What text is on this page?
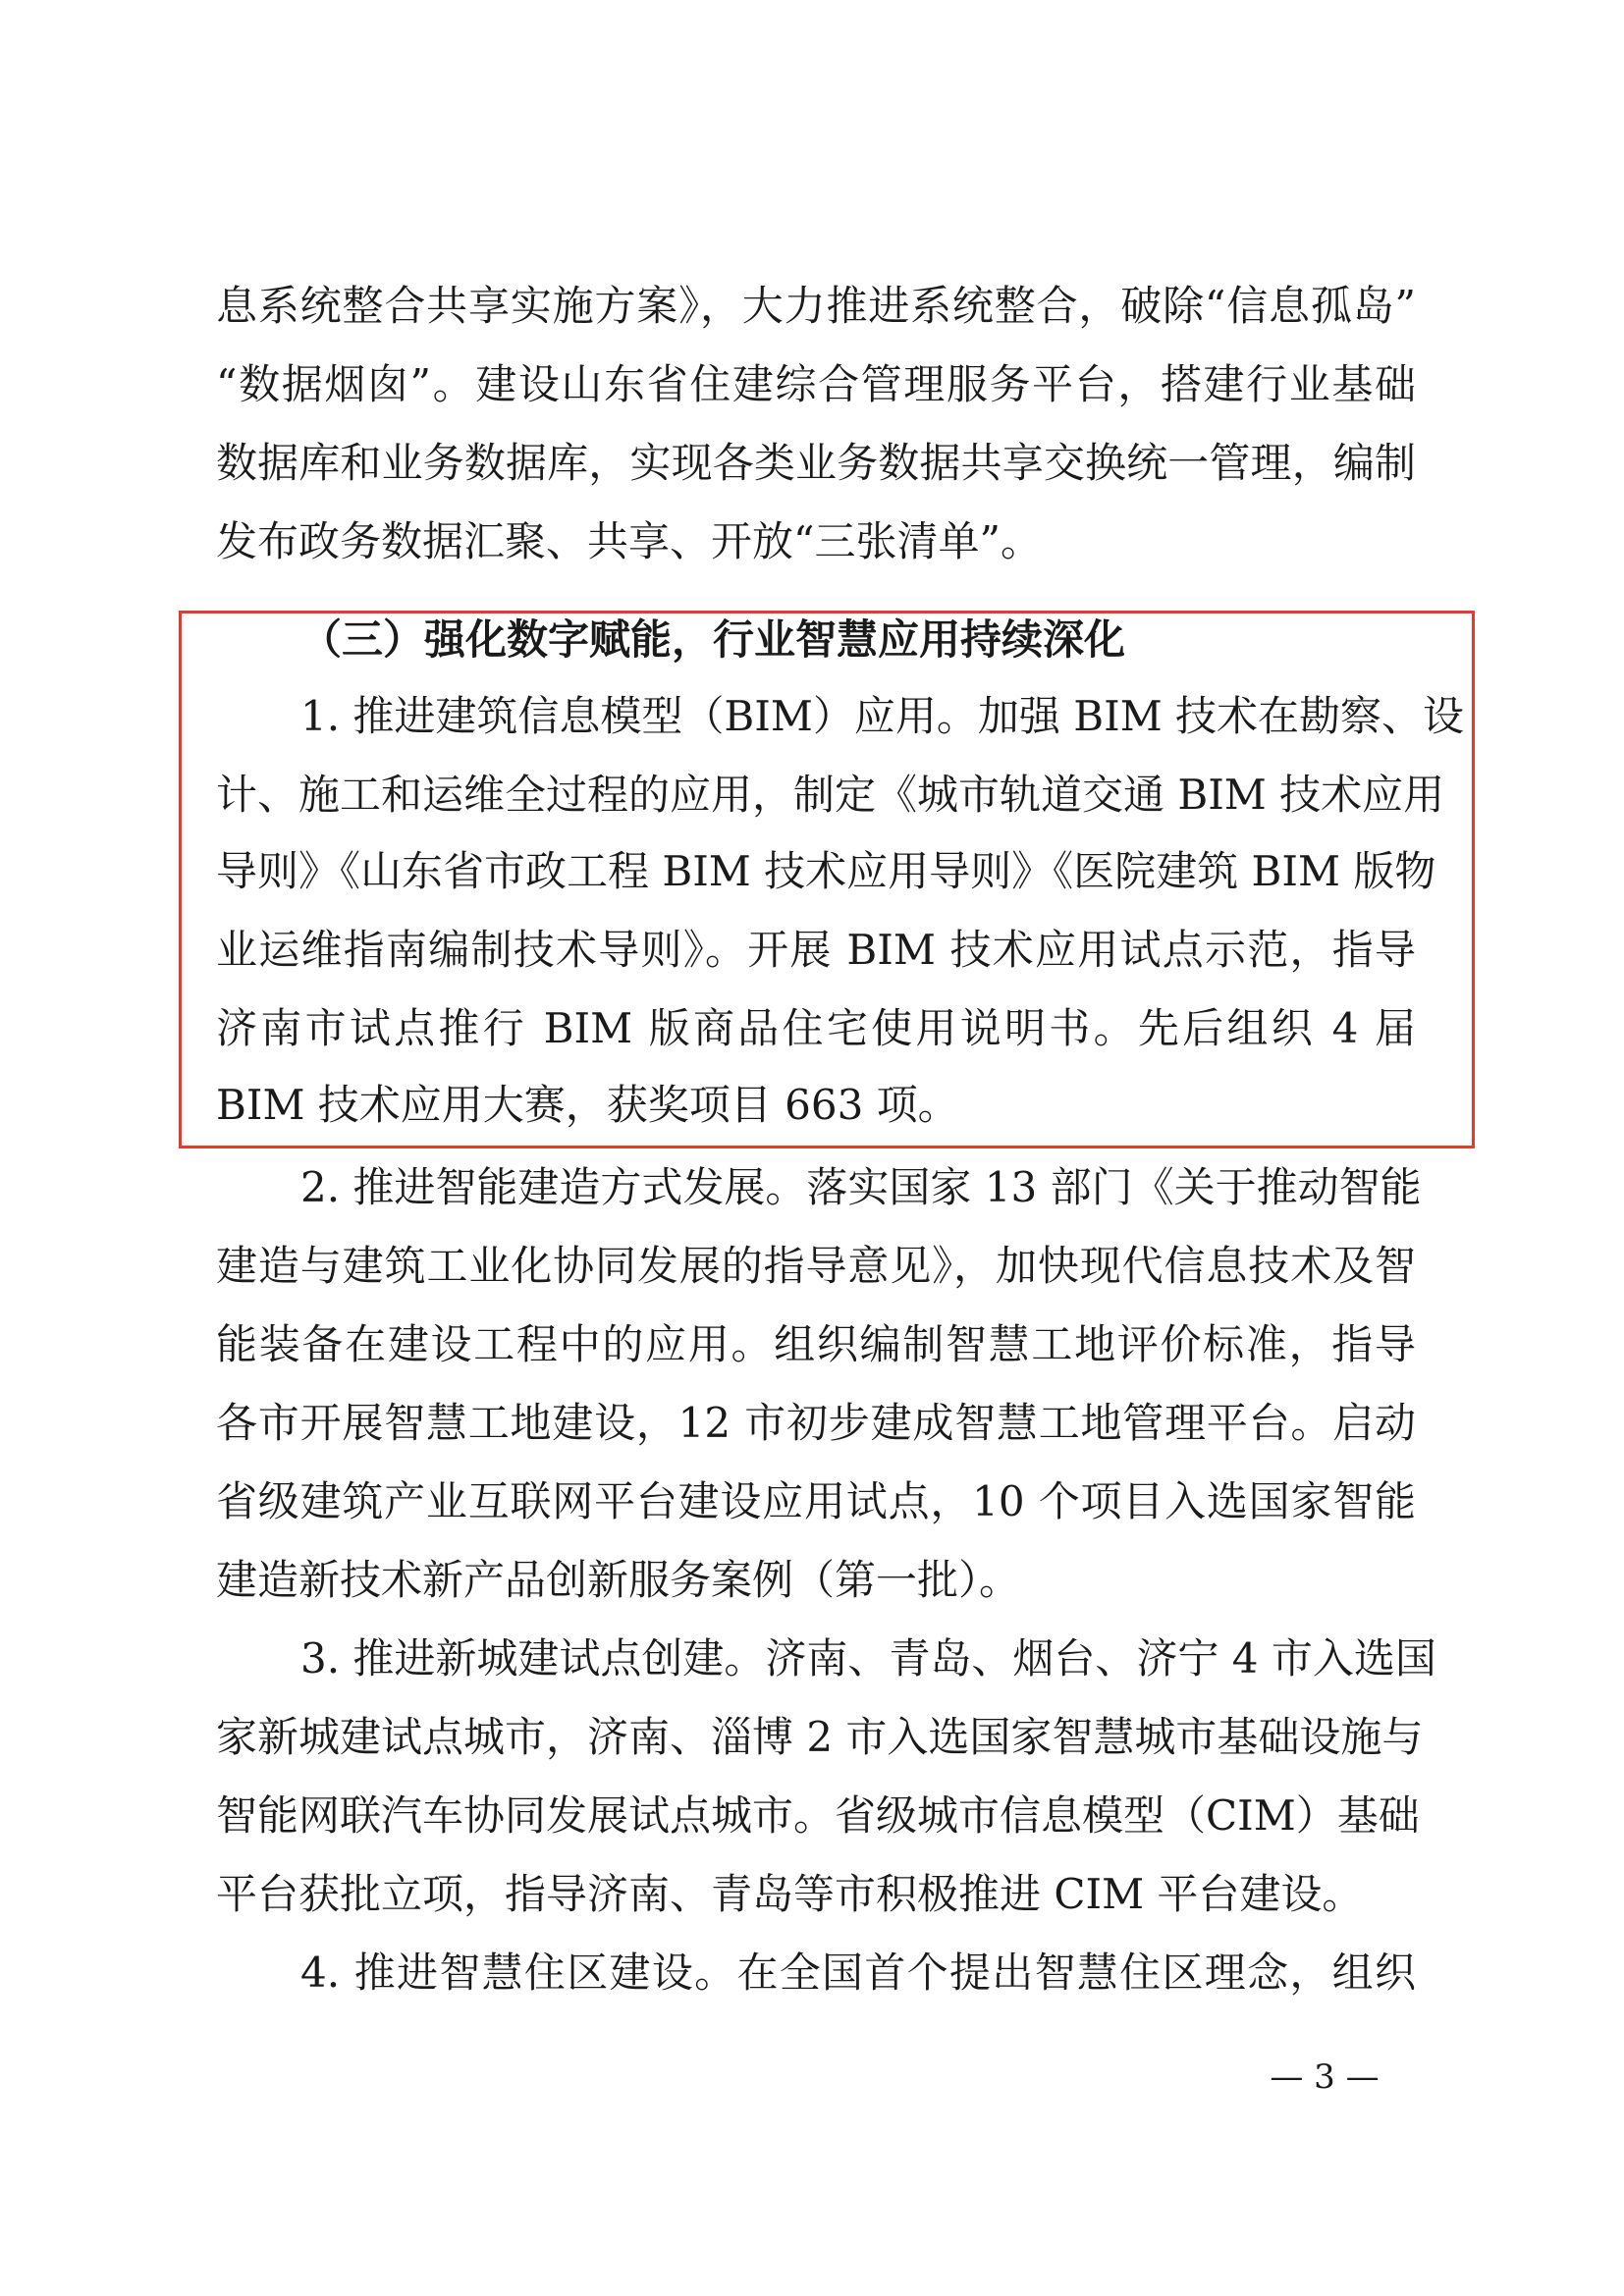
息系统整合共享实施方案》，大力推进系统整合，破除“信息孤岛”
“数据烟囱”。建设山东省住建综合管理服务平台，搭建行业基础
数据库和业务数据库，实现各类业务数据共享交换统一管理，编制
发布政务数据汇聚、共享、开放“三张清单”。
（三）强化数字赋能，行业智慧应用持续深化
1. 推进建筑信息模型（BIM）应用。加强 BIM 技术在勘察、设
计、施工和运维全过程的应用，制定《城市轨道交通 BIM 技术应用
导则》《山东省市政工程 BIM 技术应用导则》《医院建筑 BIM 版物
业运维指南编制技术导则》。开展 BIM 技术应用试点示范，指导
济南市试点推行 BIM 版商品住宅使用说明书。先后组织 4 届
BIM 技术应用大赛，获奖项目 663 项。
2. 推进智能建造方式发展。落实国家 13 部门《关于推动智能
建造与建筑工业化协同发展的指导意见》，加快现代信息技术及智
能装备在建设工程中的应用。组织编制智慧工地评价标准，指导
各市开展智慧工地建设，12 市初步建成智慧工地管理平台。启动
省级建筑产业互联网平台建设应用试点，10 个项目入选国家智能
建造新技术新产品创新服务案例（第一批）。
3. 推进新城建试点创建。济南、青岛、烟台、济宁 4 市入选国
家新城建试点城市，济南、淄博 2 市入选国家智慧城市基础设施与
智能网联汽车协同发展试点城市。省级城市信息模型（CIM）基础
平台获批立项，指导济南、青岛等市积极推进 CIM 平台建设。
4. 推进智慧住区建设。在全国首个提出智慧住区理念，组织
— 3 —
